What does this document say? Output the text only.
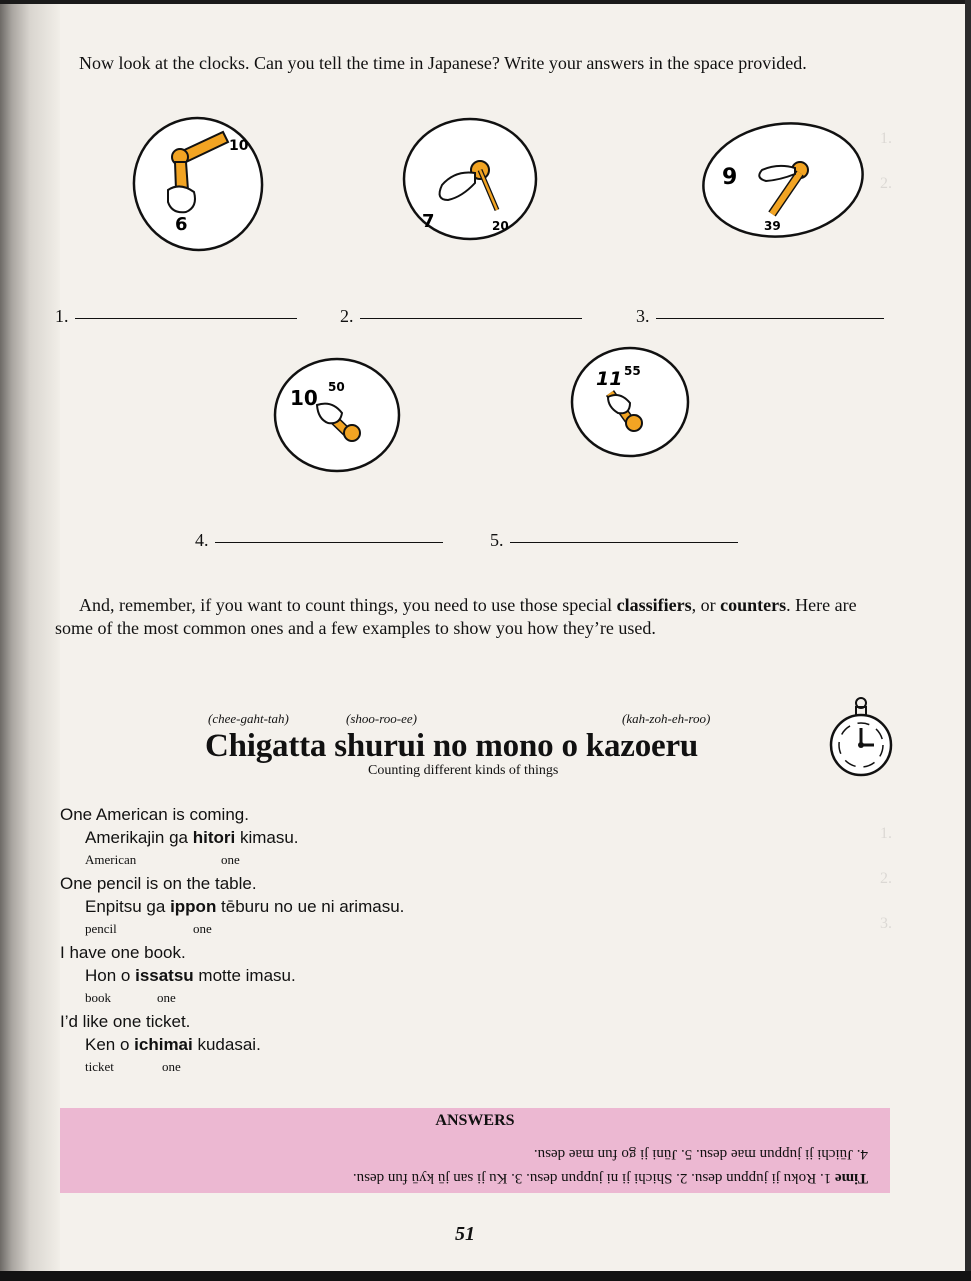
1.
2.
1.
2.
3.
Now look at the clocks. Can you tell the time in Japanese? Write your answers in the space provided.
10
6	7	20
9
39
1.	2.	3.
10 50	11 55
4.	5.
And, remember, if you want to count things, you need to use those special classifiers, or counters. Here are some of the most common ones and a few examples to show you how they’re used.
(chee-gaht-tah)	(shoo-roo-ee)	(kah-zoh-eh-roo)
Chigatta shurui no mono o kazoeru
Counting different kinds of things
One American is coming.
Amerikajin ga hitori kimasu.
American	one
One pencil is on the table.
Enpitsu ga ippon tēburu no ue ni arimasu.
pencil	one
I have one book.
Hon o issatsu motte imasu.
book	one
I’d like one ticket.
Ken o ichimai kudasai.
ticket	one
ANSWERS
Time 1. Roku ji juppun desu. 2. Shichi ji ni juppun desu. 3. Ku ji san jū kyū fun desu.
4. Jūichi ji juppun mae desu. 5. Jūni ji go fun mae desu.
51
